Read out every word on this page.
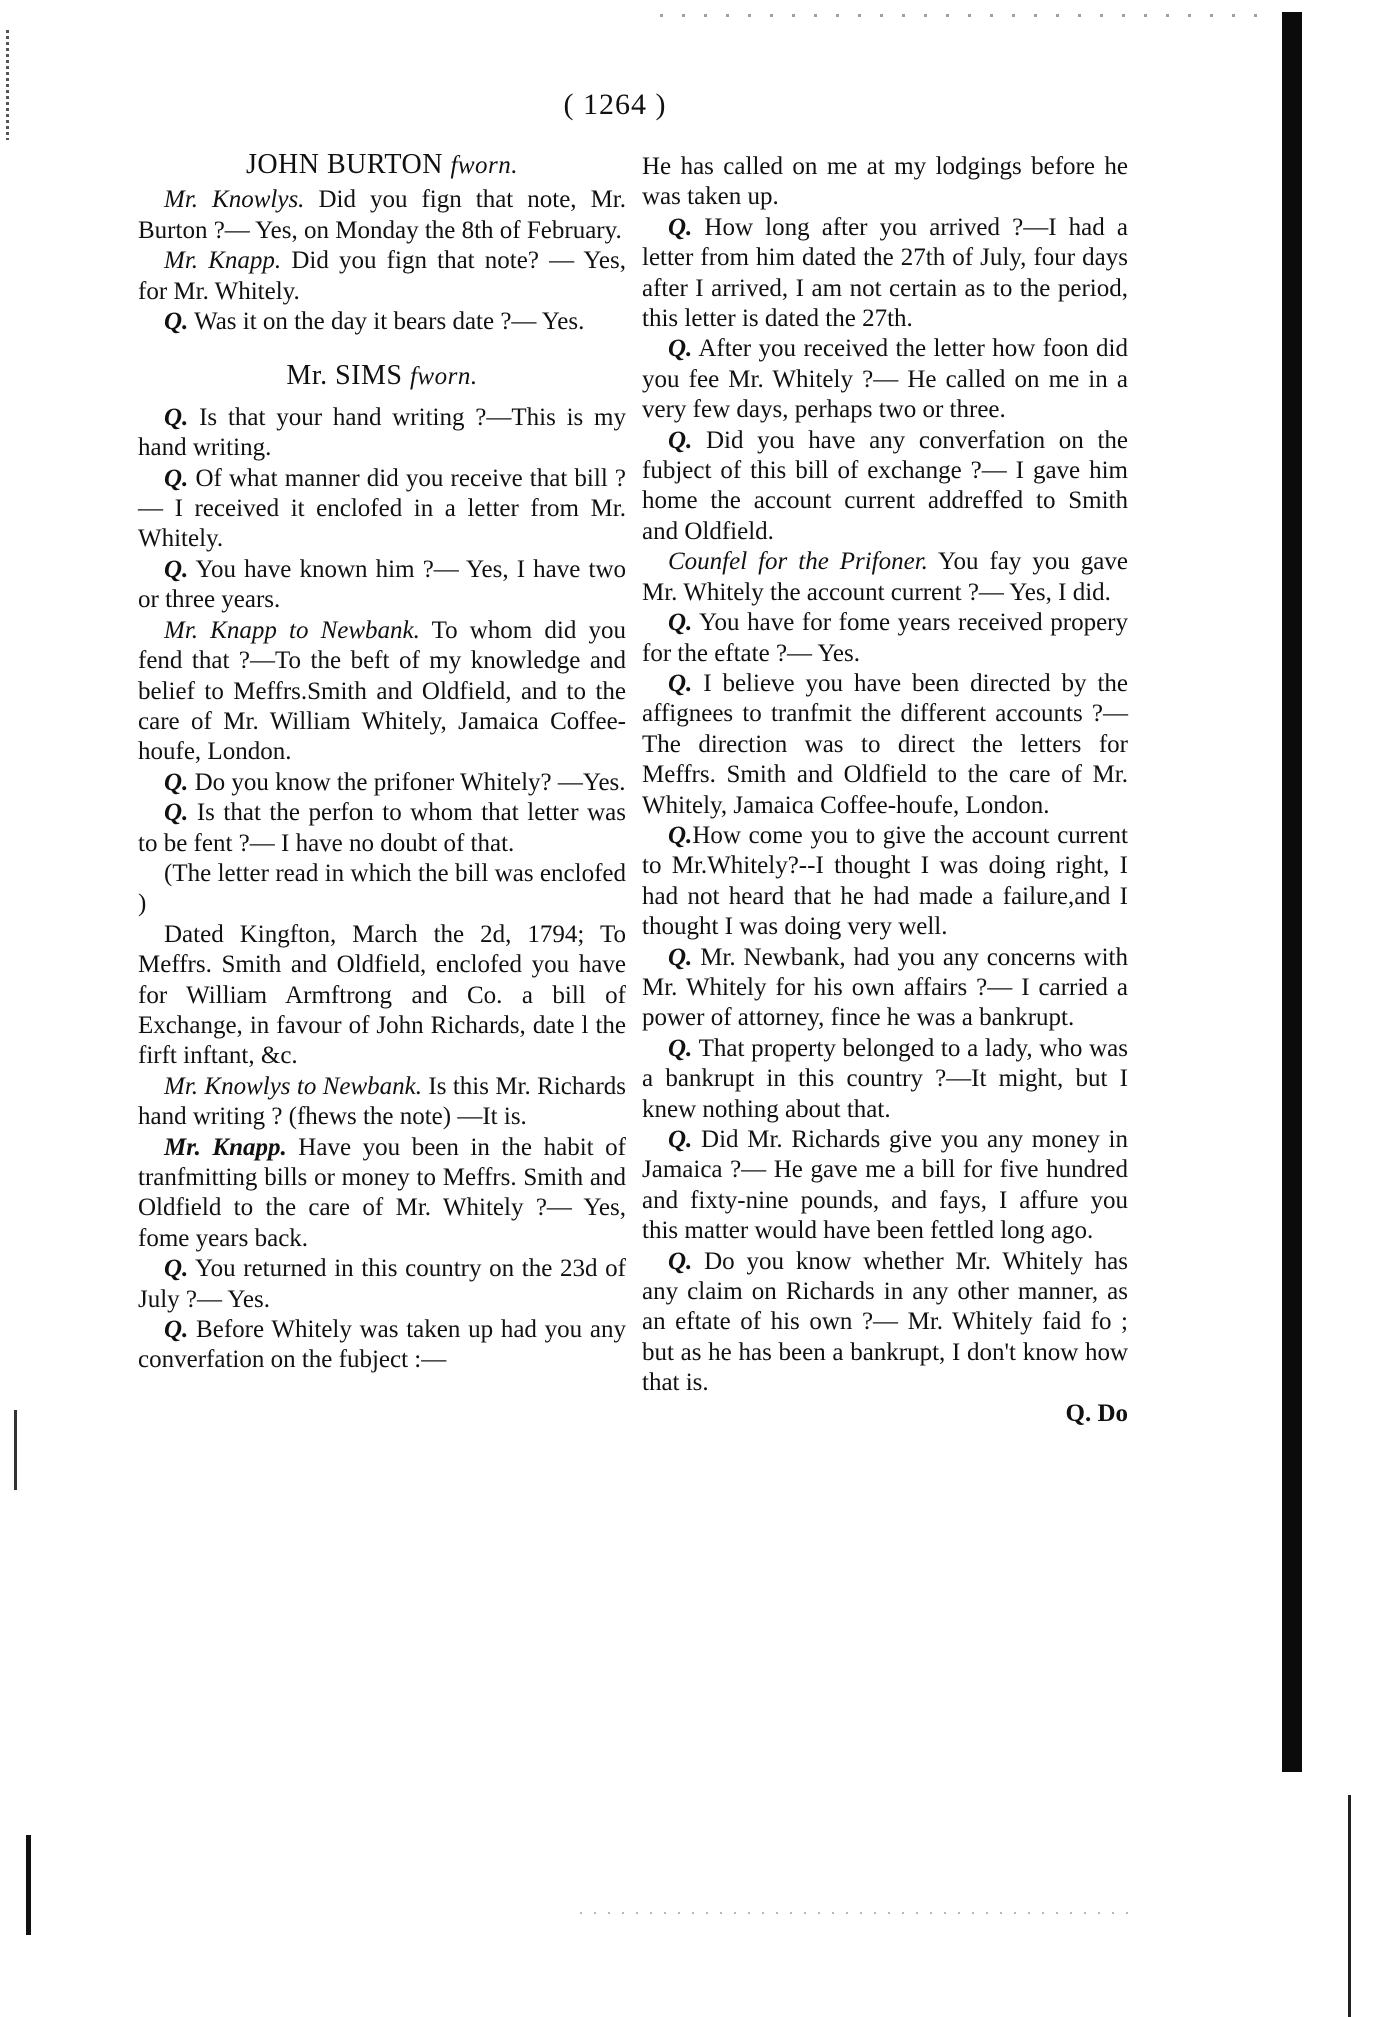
( 1264 )

JOHN BURTON fworn.

Mr. Knowlys. Did you fign that note, Mr. Burton ?— Yes, on Monday the 8th of February.

Mr. Knapp. Did you fign that note? — Yes, for Mr. Whitely.

Q. Was it on the day it bears date ?— Yes.

Mr. SIMS fworn.

Q. Is that your hand writing ?—This is my hand writing.

Q. Of what manner did you receive that bill ?— I received it enclofed in a letter from Mr. Whitely.

Q. You have known him ?— Yes, I have two or three years.

Mr. Knapp to Newbank. To whom did you fend that ?—To the beft of my knowledge and belief to Meffrs.Smith and Oldfield, and to the care of Mr. William Whitely, Jamaica Coffee-houfe, London.

Q. Do you know the prifoner Whitely? —Yes.

Q. Is that the perfon to whom that letter was to be fent ?— I have no doubt of that.

(The letter read in which the bill was enclofed )

Dated Kingfton, March the 2d, 1794; To Meffrs. Smith and Oldfield, enclofed you have for William Armftrong and Co. a bill of Exchange, in favour of John Richards, date l the firft inftant, &c.

Mr. Knowlys to Newbank. Is this Mr. Richards hand writing ? (fhews the note) —It is.

Mr. Knapp. Have you been in the habit of tranfmitting bills or money to Meffrs. Smith and Oldfield to the care of Mr. Whitely ?— Yes, fome years back.

Q. You returned in this country on the 23d of July ?— Yes.

Q. Before Whitely was taken up had you any converfation on the fubject :—

He has called on me at my lodgings before he was taken up.

Q. How long after you arrived ?—I had a letter from him dated the 27th of July, four days after I arrived, I am not certain as to the period, this letter is dated the 27th.

Q. After you received the letter how foon did you fee Mr. Whitely ?— He called on me in a very few days, perhaps two or three.

Q. Did you have any converfation on the fubject of this bill of exchange ?— I gave him home the account current addreffed to Smith and Oldfield.

Counfel for the Prifoner. You fay you gave Mr. Whitely the account current ?— Yes, I did.

Q. You have for fome years received propery for the eftate ?— Yes.

Q. I believe you have been directed by the affignees to tranfmit the different accounts ?—The direction was to direct the letters for Meffrs. Smith and Oldfield to the care of Mr. Whitely, Jamaica Coffee-houfe, London.

Q.How come you to give the account current to Mr.Whitely?--I thought I was doing right, I had not heard that he had made a failure,and I thought I was doing very well.

Q. Mr. Newbank, had you any concerns with Mr. Whitely for his own affairs ?— I carried a power of attorney, fince he was a bankrupt.

Q. That property belonged to a lady, who was a bankrupt in this country ?—It might, but I knew nothing about that.

Q. Did Mr. Richards give you any money in Jamaica ?— He gave me a bill for five hundred and fixty-nine pounds, and fays, I affure you this matter would have been fettled long ago.

Q. Do you know whether Mr. Whitely has any claim on Richards in any other manner, as an eftate of his own ?— Mr. Whitely faid fo ; but as he has been a bankrupt, I don't know how that is.

Q. Do
